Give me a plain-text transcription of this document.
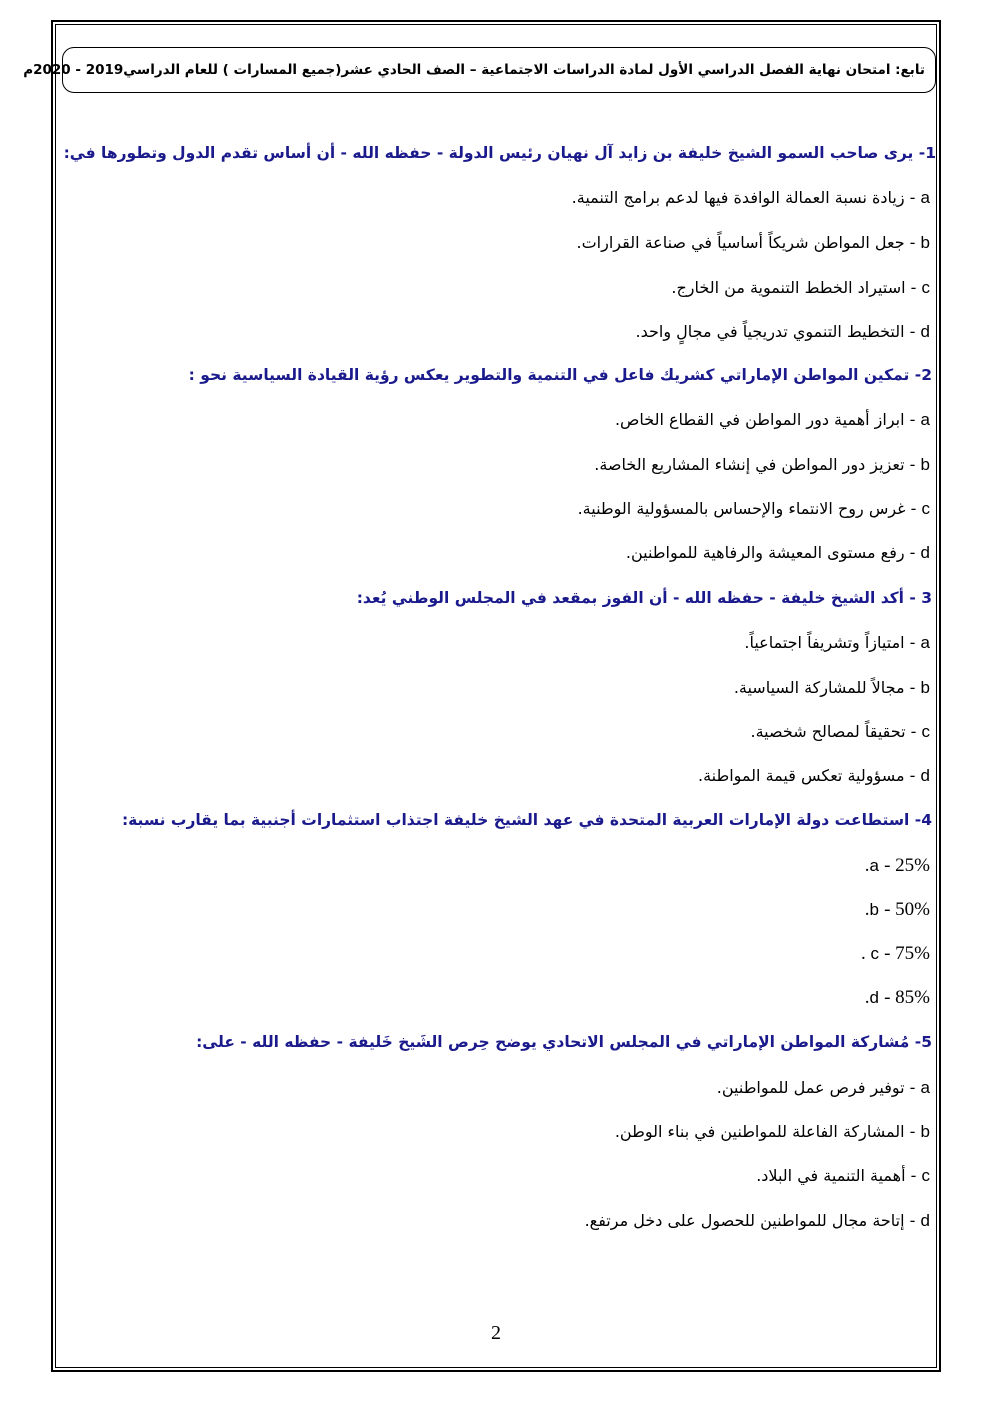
تابع: امتحان نهاية الفصل الدراسي الأول لمادة الدراسات الاجتماعية – الصف الحادي عشر(جميع المسارات ) للعام الدراسي2019 - 2020م
1- يرى صاحب السمو الشيخ خليفة بن زايد آل نهيان رئيس الدولة - حفظه الله - أن أساس تقدم الدول وتطورها في:
a - زيادة نسبة العمالة الوافدة فيها لدعم برامج التنمية.
b - جعل المواطن شريكاً أساسياً في صناعة القرارات.
c - استيراد الخطط التنموية من الخارج.
d - التخطيط التنموي تدريجياً في مجالٍ واحد.
2- تمكين المواطن الإماراتي كشريك فاعل في التنمية والتطوير يعكس رؤية القيادة السياسية نحو :
a - ابراز أهمية دور المواطن في القطاع الخاص.
b - تعزيز دور المواطن في إنشاء المشاريع الخاصة.
c - غرس روح الانتماء والإحساس بالمسؤولية الوطنية.
d - رفع مستوى المعيشة والرفاهية للمواطنين.
3 - أكد الشيخ خليفة - حفظه الله - أن الفوز بمقعد في المجلس الوطني يُعد:
a - امتيازاً وتشريفاً اجتماعياً.
b - مجالاً للمشاركة السياسية.
c - تحقيقاً لمصالح شخصية.
d - مسؤولية تعكس قيمة المواطنة.
4- استطاعت دولة الإمارات العربية المتحدة في عهد الشيخ خليفة اجتذاب استثمارات أجنبية بما يقارب نسبة:
a - 25%.
b - 50%.
c - 75% .
d - 85%.
5- مُشاركة المواطن الإماراتي في المجلس الاتحادي يوضح حِرص الشَيخ خَليفة - حفظه الله - على:
a - توفير فرص عمل للمواطنين.
b - المشاركة الفاعلة للمواطنين في بناء الوطن.
c - أهمية التنمية في البلاد.
d - إتاحة مجال للمواطنين للحصول على دخل مرتفع.
2
